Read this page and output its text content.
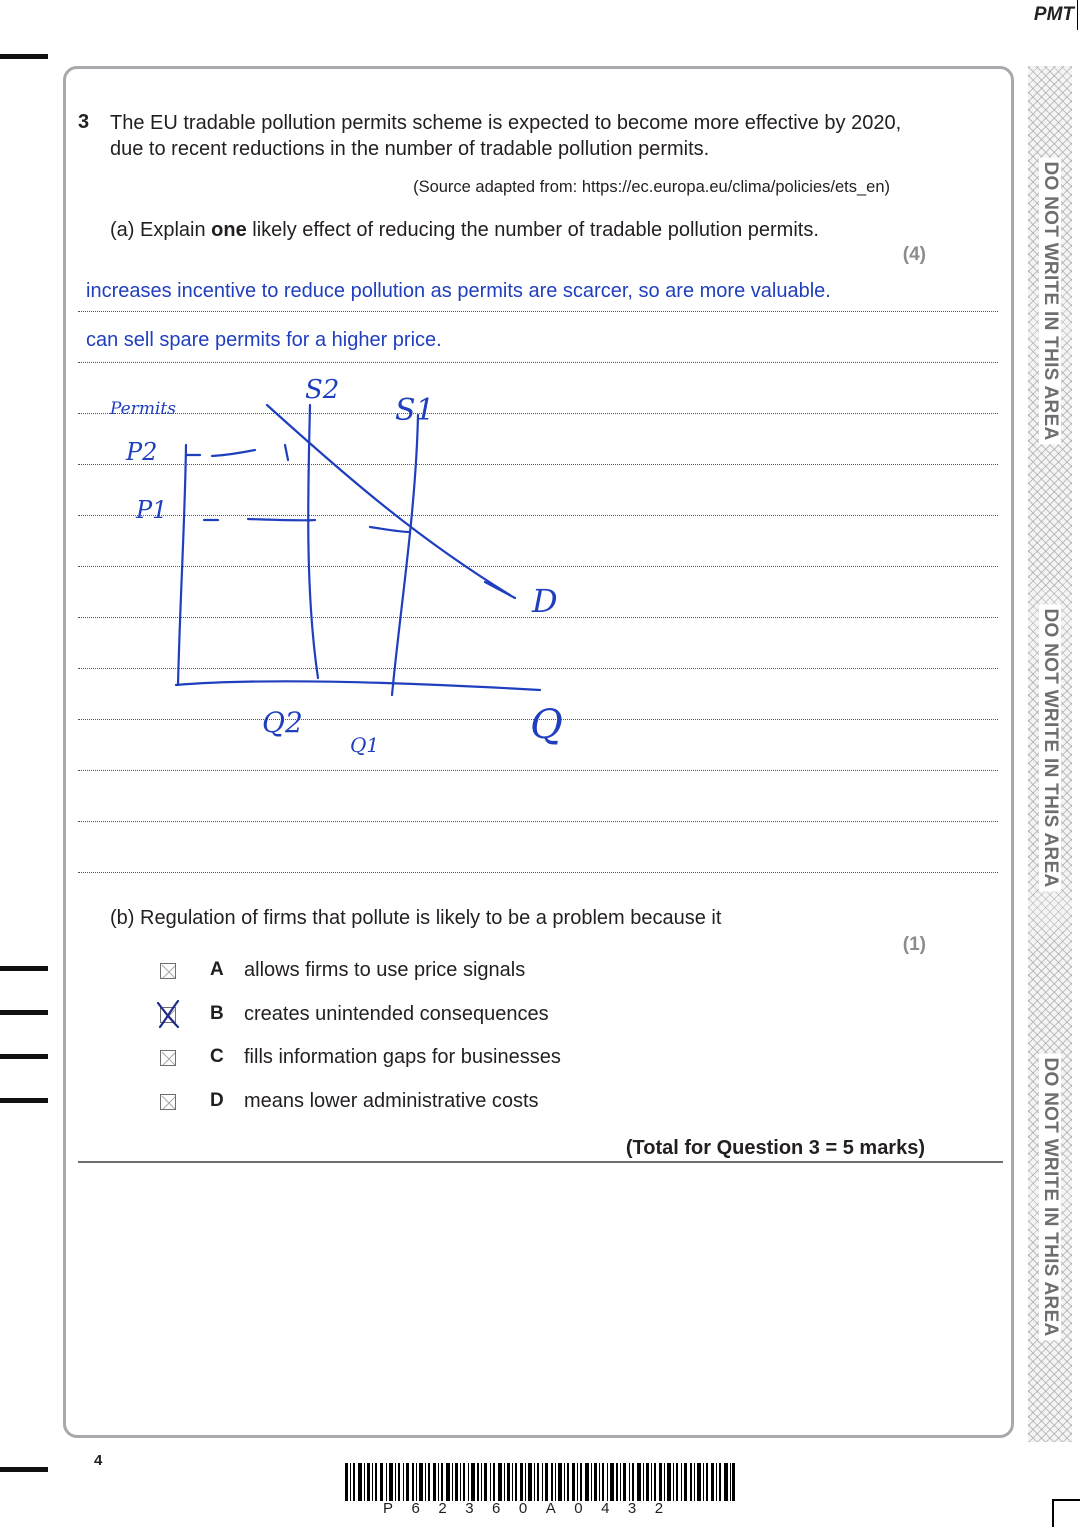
PMT
DO NOT WRITE IN THIS AREA
DO NOT WRITE IN THIS AREA
DO NOT WRITE IN THIS AREA
3 The EU tradable pollution permits scheme is expected to become more effective by 2020, due to recent reductions in the number of tradable pollution permits.
(Source adapted from: https://ec.europa.eu/clima/policies/ets_en)
(a) Explain one likely effect of reducing the number of tradable pollution permits.
(4)
increases incentive to reduce pollution as permits are scarcer, so are more valuable.
can sell spare permits for a higher price.
Permits
P2
P1
S2
S1
D
Q2
Q1	Q
(b) Regulation of firms that pollute is likely to be a problem because it
(1)
A allows firms to use price signals
B creates unintended consequences
C fills information gaps for businesses
D means lower administrative costs
(Total for Question 3 = 5 marks)
4
P62360A0432
